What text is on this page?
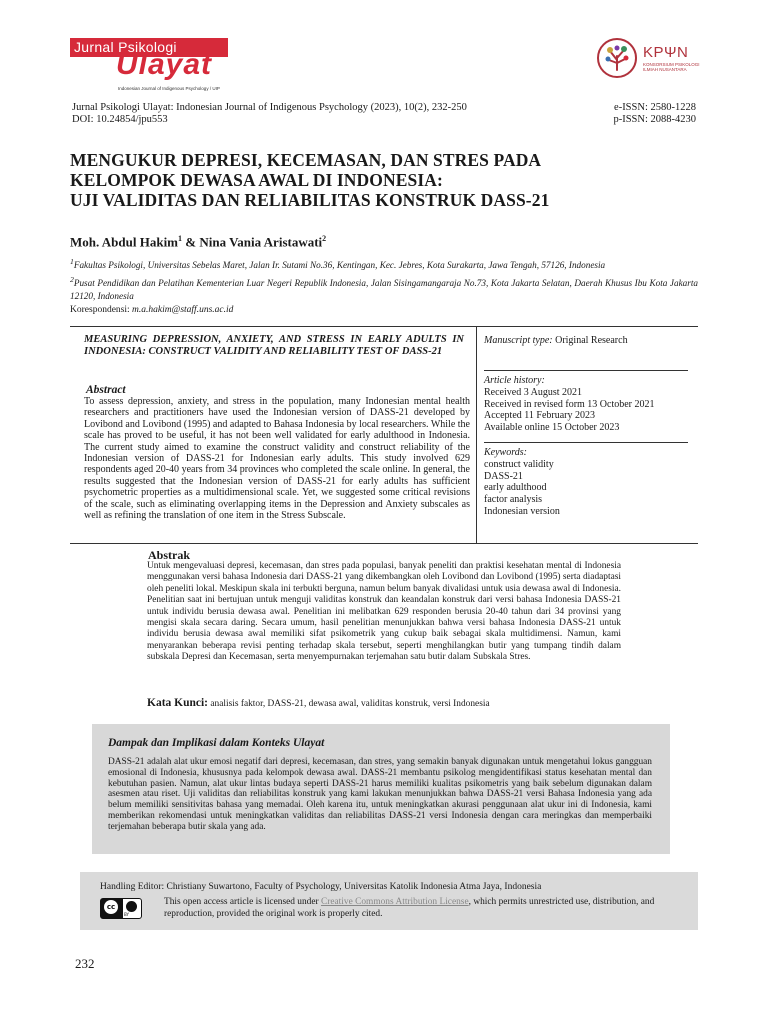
Jurnal Psikologi
Ulayat
Indonesian Journal of Indigenous Psychology / UIP
KPΨN
KONSORSIUM PSIKOLOGI ILMIAH NUSANTARA
Jurnal Psikologi Ulayat: Indonesian Journal of Indigenous Psychology (2023), 10(2), 232-250
DOI: 10.24854/jpu553
e-ISSN: 2580-1228
p-ISSN: 2088-4230
MENGUKUR DEPRESI, KECEMASAN, DAN STRES PADA
KELOMPOK DEWASA AWAL DI INDONESIA:
UJI VALIDITAS DAN RELIABILITAS KONSTRUK DASS-21
Moh. Abdul Hakim$^1$ & Nina Vania Aristawati$^2$
$^1$Fakultas Psikologi, Universitas Sebelas Maret, Jalan Ir. Sutami No.36, Kentingan, Kec. Jebres, Kota Surakarta, Jawa Tengah, 57126, Indonesia
$^2$Pusat Pendidikan dan Pelatihan Kementerian Luar Negeri Republik Indonesia, Jalan Sisingamangaraja No.73, Kota Jakarta Selatan, Daerah Khusus Ibu Kota Jakarta 12120, Indonesia
Korespondensi: m.a.hakim@staff.uns.ac.id
MEASURING DEPRESSION, ANXIETY, AND STRESS IN EARLY ADULTS IN INDONESIA: CONSTRUCT VALIDITY AND RELIABILITY TEST OF DASS-21
Abstract
To assess depression, anxiety, and stress in the population, many Indonesian mental health researchers and practitioners have used the Indonesian version of DASS-21 developed by Lovibond and Lovibond (1995) and adapted to Bahasa Indonesia by local researchers. While the scale has proved to be useful, it has not been well validated for early adulthood in Indonesia. The current study aimed to examine the construct validity and construct reliability of the Indonesian version of DASS-21 for Indonesian early adults. This study involved 629 respondents aged 20-40 years from 34 provinces who completed the scale online. In general, the results suggested that the Indonesian version of DASS-21 for early adults has sufficient psychometric properties as a multidimensional scale. Yet, we suggested some critical revisions of the scale, such as eliminating overlapping items in the Depression and Anxiety subscales as well as refining the translation of one item in the Stress Subscale.
Manuscript type: Original Research
Article history:
Received 3 August 2021
Received in revised form 13 October 2021
Accepted 11 February 2023
Available online 15 October 2023
Keywords:
construct validity
DASS-21
early adulthood
factor analysis
Indonesian version
Abstrak
Untuk mengevaluasi depresi, kecemasan, dan stres pada populasi, banyak peneliti dan praktisi kesehatan mental di Indonesia menggunakan versi bahasa Indonesia dari DASS-21 yang dikembangkan oleh Lovibond dan Lovibond (1995) serta diadaptasi oleh peneliti lokal. Meskipun skala ini terbukti berguna, namun belum banyak divalidasi untuk usia dewasa awal di Indonesia. Penelitian saat ini bertujuan untuk menguji validitas konstruk dan keandalan konstruk dari versi bahasa Indonesia DASS-21 untuk individu berusia dewasa awal. Penelitian ini melibatkan 629 responden berusia 20-40 tahun dari 34 provinsi yang mengisi skala secara daring. Secara umum, hasil penelitian menunjukkan bahwa versi bahasa Indonesia DASS-21 untuk individu berusia dewasa awal memiliki sifat psikometrik yang cukup baik sebagai skala multidimensi. Namun, kami menyarankan beberapa revisi penting terhadap skala tersebut, seperti menghilangkan butir yang tumpang tindih dalam subskala Depresi dan Kecemasan, serta menyempurnakan terjemahan satu butir dalam Subskala Stres.
Kata Kunci: analisis faktor, DASS-21, dewasa awal, validitas konstruk, versi Indonesia
Dampak dan Implikasi dalam Konteks Ulayat
DASS-21 adalah alat ukur emosi negatif dari depresi, kecemasan, dan stres, yang semakin banyak digunakan untuk mengetahui lokus gangguan emosional di Indonesia, khususnya pada kelompok dewasa awal. DASS-21 membantu psikolog mengidentifikasi status kesehatan mental dan kebutuhan pasien. Namun, alat ukur lintas budaya seperti DASS-21 harus memiliki kualitas psikometris yang baik sebelum digunakan dalam asesmen atau riset. Uji validitas dan reliabilitas konstruk yang kami lakukan menunjukkan bahwa DASS-21 versi Bahasa Indonesia yang ada belum memiliki sensitivitas bahasa yang memadai. Oleh karena itu, untuk meningkatkan akurasi penggunaan alat ukur ini di Indonesia, kami memberikan rekomendasi untuk meningkatkan validitas dan reliabilitas DASS-21 versi Indonesia dengan cara meringkas dan memperbaiki terjemahan beberapa butir skala yang ada.
Handling Editor: Christiany Suwartono, Faculty of Psychology, Universitas Katolik Indonesia Atma Jaya, Indonesia
cc
BY
This open access article is licensed under Creative Commons Attribution License, which permits unrestricted use, distribution, and reproduction, provided the original work is properly cited.
232
